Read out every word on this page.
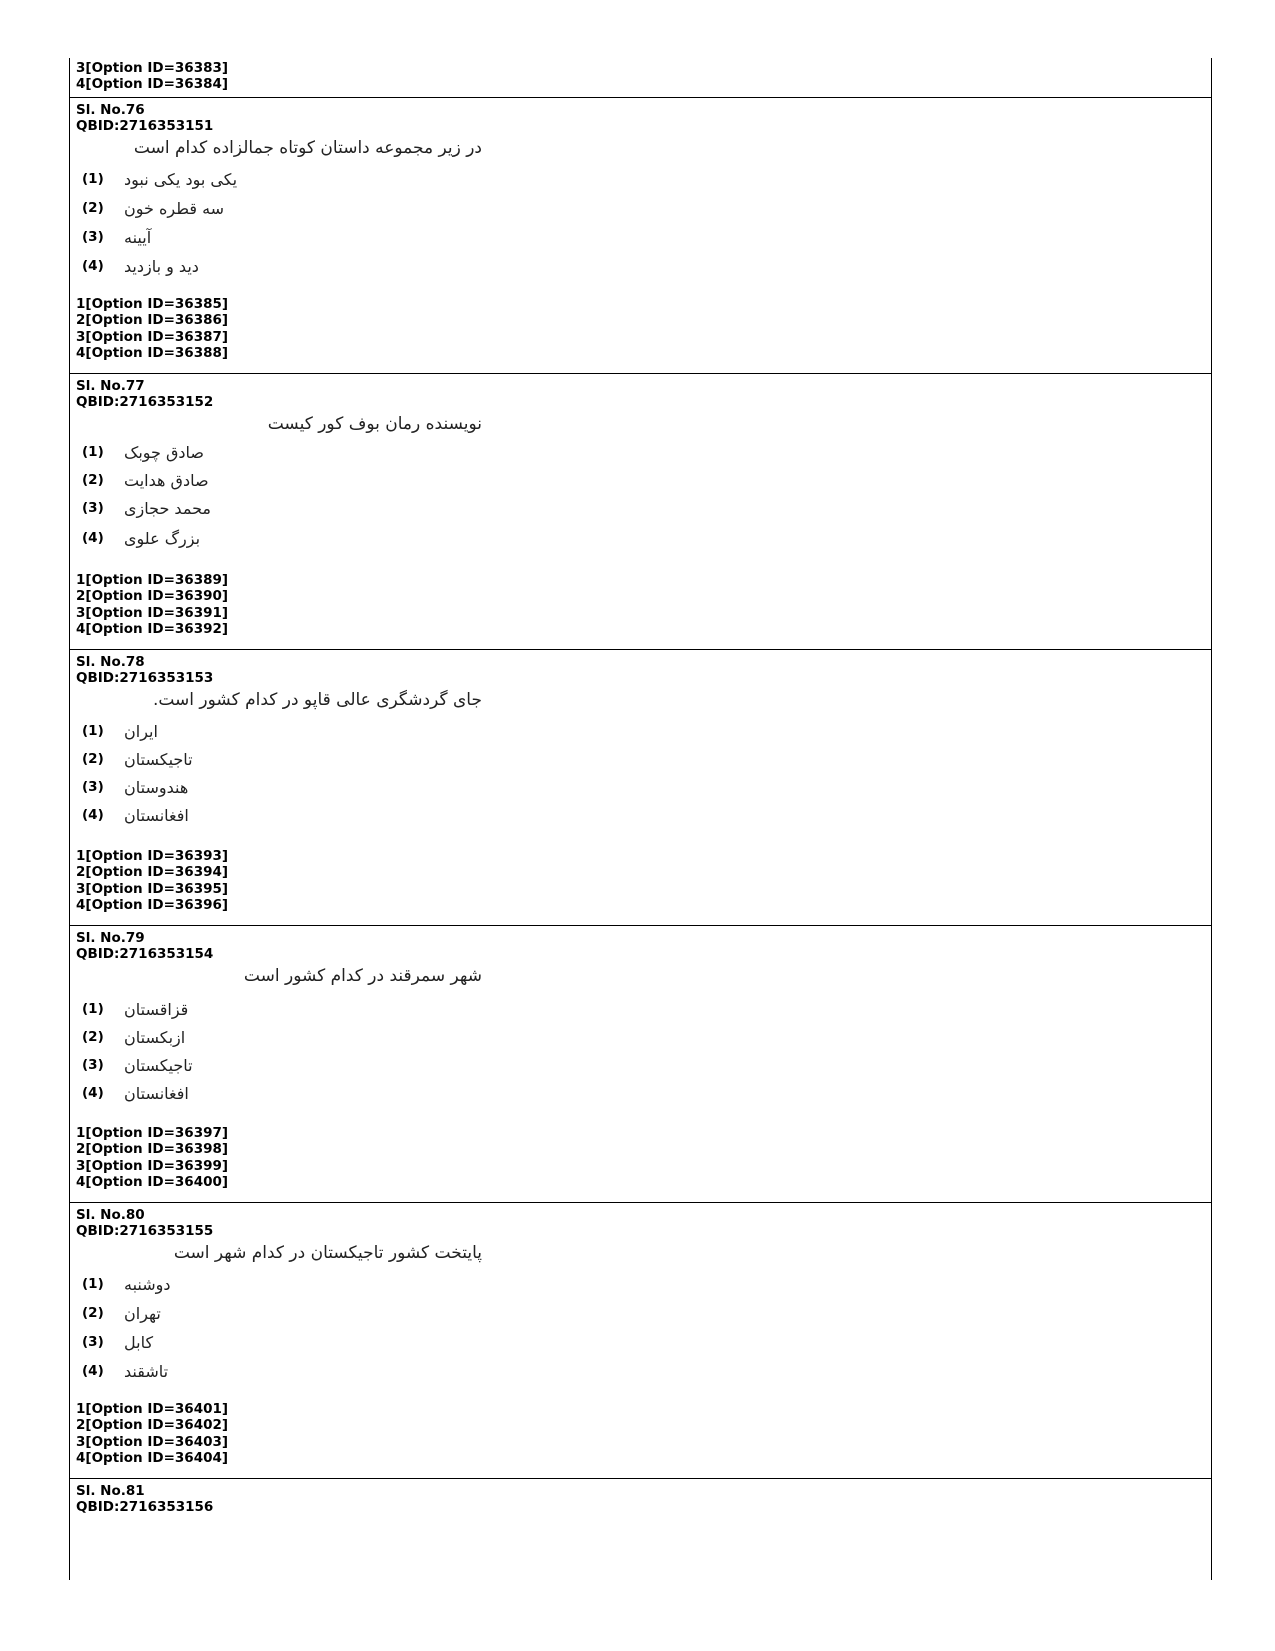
3[Option ID=36383]
4[Option ID=36384]
Sl. No.76
QBID:2716353151
در زیر مجموعه داستان کوتاه جمالزاده کدام است
(1)	یکی بود یکی نبود
(2)	سه قطره خون
(3)	آیینه
(4)	دید و بازدید
1[Option ID=36385]
2[Option ID=36386]
3[Option ID=36387]
4[Option ID=36388]
Sl. No.77
QBID:2716353152
نویسنده رمان بوف کور کیست
(1)	صادق چوبک
(2)	صادق هدایت
(3)	محمد حجازی
(4)	بزرگ علوی
1[Option ID=36389]
2[Option ID=36390]
3[Option ID=36391]
4[Option ID=36392]
Sl. No.78
QBID:2716353153
جای گردشگری عالی قاپو در کدام کشور است.
(1)	ایران
(2)	تاجیکستان
(3)	هندوستان
(4)	افغانستان
1[Option ID=36393]
2[Option ID=36394]
3[Option ID=36395]
4[Option ID=36396]
Sl. No.79
QBID:2716353154
شهر سمرقند در کدام کشور است
(1)	قزاقستان
(2)	ازبکستان
(3)	تاجیکستان
(4)	افغانستان
1[Option ID=36397]
2[Option ID=36398]
3[Option ID=36399]
4[Option ID=36400]
Sl. No.80
QBID:2716353155
پایتخت کشور تاجیکستان در کدام شهر است
(1)	دوشنبه
(2)	تهران
(3)	کابل
(4)	تاشقند
1[Option ID=36401]
2[Option ID=36402]
3[Option ID=36403]
4[Option ID=36404]
Sl. No.81
QBID:2716353156
